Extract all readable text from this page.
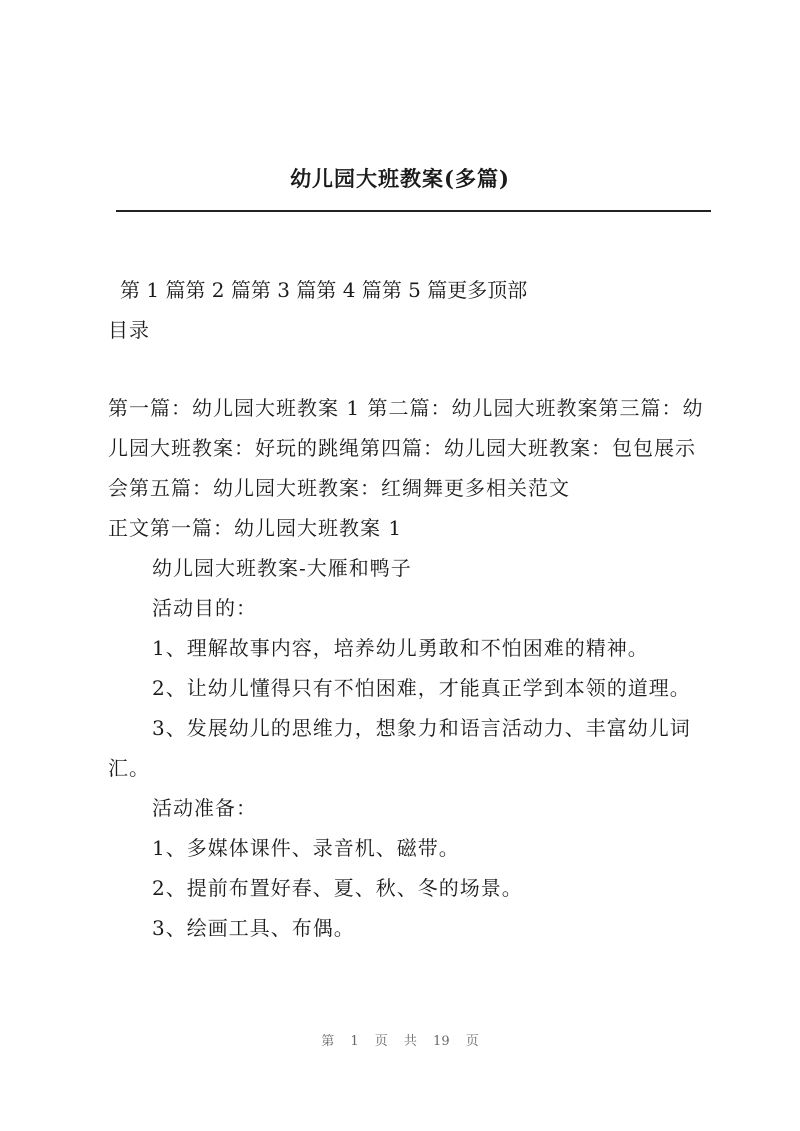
幼儿园大班教案(多篇)
第 1 篇第 2 篇第 3 篇第 4 篇第 5 篇更多顶部

目录

第一篇：幼儿园大班教案 1 第二篇：幼儿园大班教案第三篇：幼儿园大班教案：好玩的跳绳第四篇：幼儿园大班教案：包包展示会第五篇：幼儿园大班教案：红绸舞更多相关范文

正文第一篇：幼儿园大班教案 1

幼儿园大班教案-大雁和鸭子

活动目的：

1、理解故事内容，培养幼儿勇敢和不怕困难的精神。

2、让幼儿懂得只有不怕困难，才能真正学到本领的道理。

3、发展幼儿的思维力，想象力和语言活动力、丰富幼儿词汇。

活动准备：

1、多媒体课件、录音机、磁带。

2、提前布置好春、夏、秋、冬的场景。

3、绘画工具、布偶。

第 1 页 共 19 页
